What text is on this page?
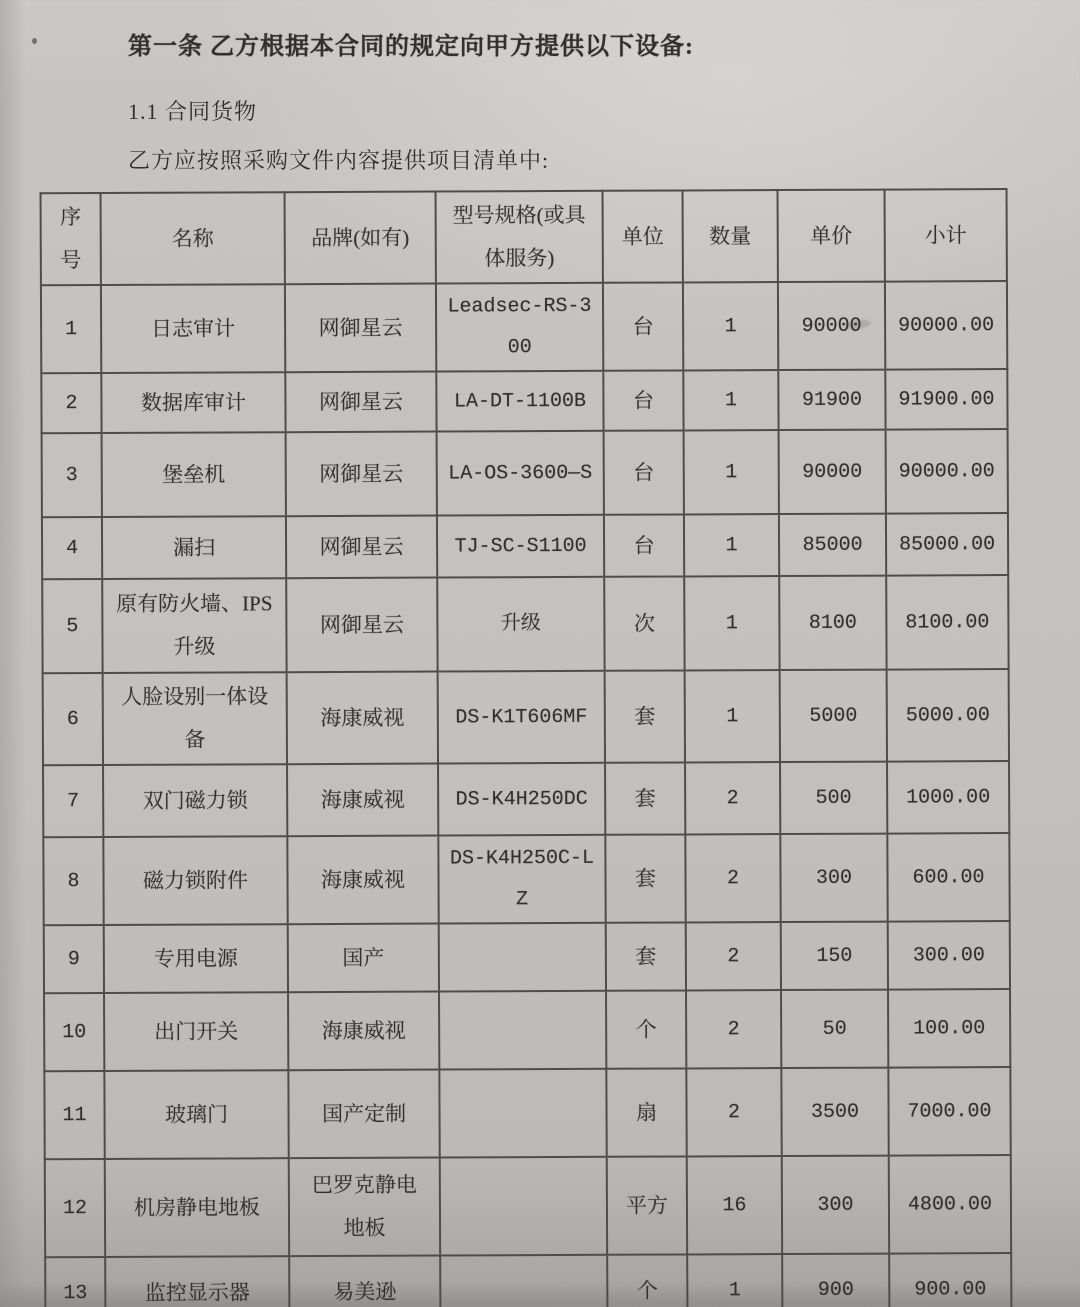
第一条 乙方根据本合同的规定向甲方提供以下设备:
1.1 合同货物
乙方应按照采购文件内容提供项目清单中:
序号	名称	品牌(如有)	型号规格(或具体服务)	单位	数量	单价	小计
1	日志审计	网御星云	Leadsec-RS-300	台	1	90000	90000.00
2	数据库审计	网御星云	LA-DT-1100B	台	1	91900	91900.00
3	堡垒机	网御星云	LA-OS-3600—S	台	1	90000	90000.00
4	漏扫	网御星云	TJ-SC-S1100	台	1	85000	85000.00
5	原有防火墙、IPS升级	网御星云	升级	次	1	8100	8100.00
6	人脸设别一体设备	海康威视	DS-K1T606MF	套	1	5000	5000.00
7	双门磁力锁	海康威视	DS-K4H250DC	套	2	500	1000.00
8	磁力锁附件	海康威视	DS-K4H250C-LZ	套	2	300	600.00
9	专用电源	国产		套	2	150	300.00
10	出门开关	海康威视		个	2	50	100.00
11	玻璃门	国产定制		扇	2	3500	7000.00
12	机房静电地板	巴罗克静电地板		平方	16	300	4800.00
13	监控显示器	易美逊		个	1	900	900.00
